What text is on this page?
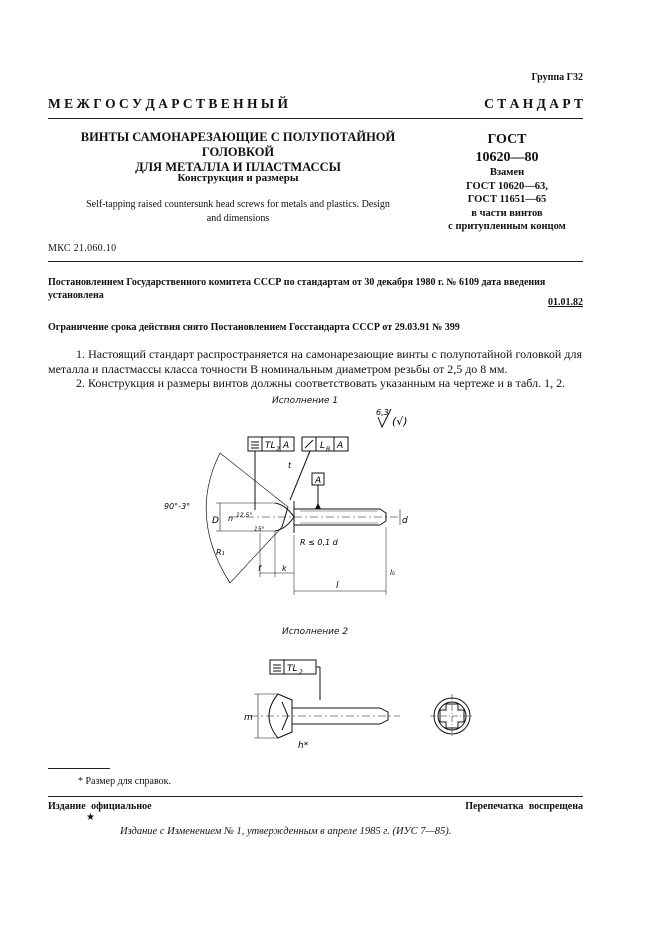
Группа Г32
М Е Ж Г О С У Д А Р С Т В Е Н Н Ы Й	С Т А Н Д А Р Т
ВИНТЫ САМОНАРЕЗАЮЩИЕ С ПОЛУПОТАЙНОЙ ГОЛОВКОЙ
ДЛЯ МЕТАЛЛА И ПЛАСТМАССЫ
Конструкция и размеры
Self-tapping raised countersunk head screws for metals and plastics. Design
and dimensions
ГОСТ
10620—80
Взамен
ГОСТ 10620—63,
ГОСТ 11651—65
в части винтов
с притупленным концом
МКС 21.060.10
Постановлением Государственного комитета СССР по стандартам от 30 декабря 1980 г. № 6109 дата введения установлена
01.01.82
Ограничение срока действия снято Постановлением Госстандарта СССР от 29.03.91 № 399
1. Настоящий стандарт распространяется на самонарезающие винты с полупотайной головкой для металла и пластмассы класса точности В номинальным диаметром резьбы от 2,5 до 8 мм.
2. Конструкция и размеры винтов должны соответствовать указанным на чертеже и в табл. 1, 2.
Исполнение 1
Исполнение 2
6,3
(√)
TL 2 A	L B A
A
90°-3°
D n 12,5°
15°
d
t
R₁
R ≤ 0,1 d
f	k
l
l₀
TL 2
m
h*
* Размер для справок.
Издание официальное	Перепечатка воспрещена
★
Издание с Изменением № 1, утвержденным в апреле 1985 г. (ИУС 7—85).
